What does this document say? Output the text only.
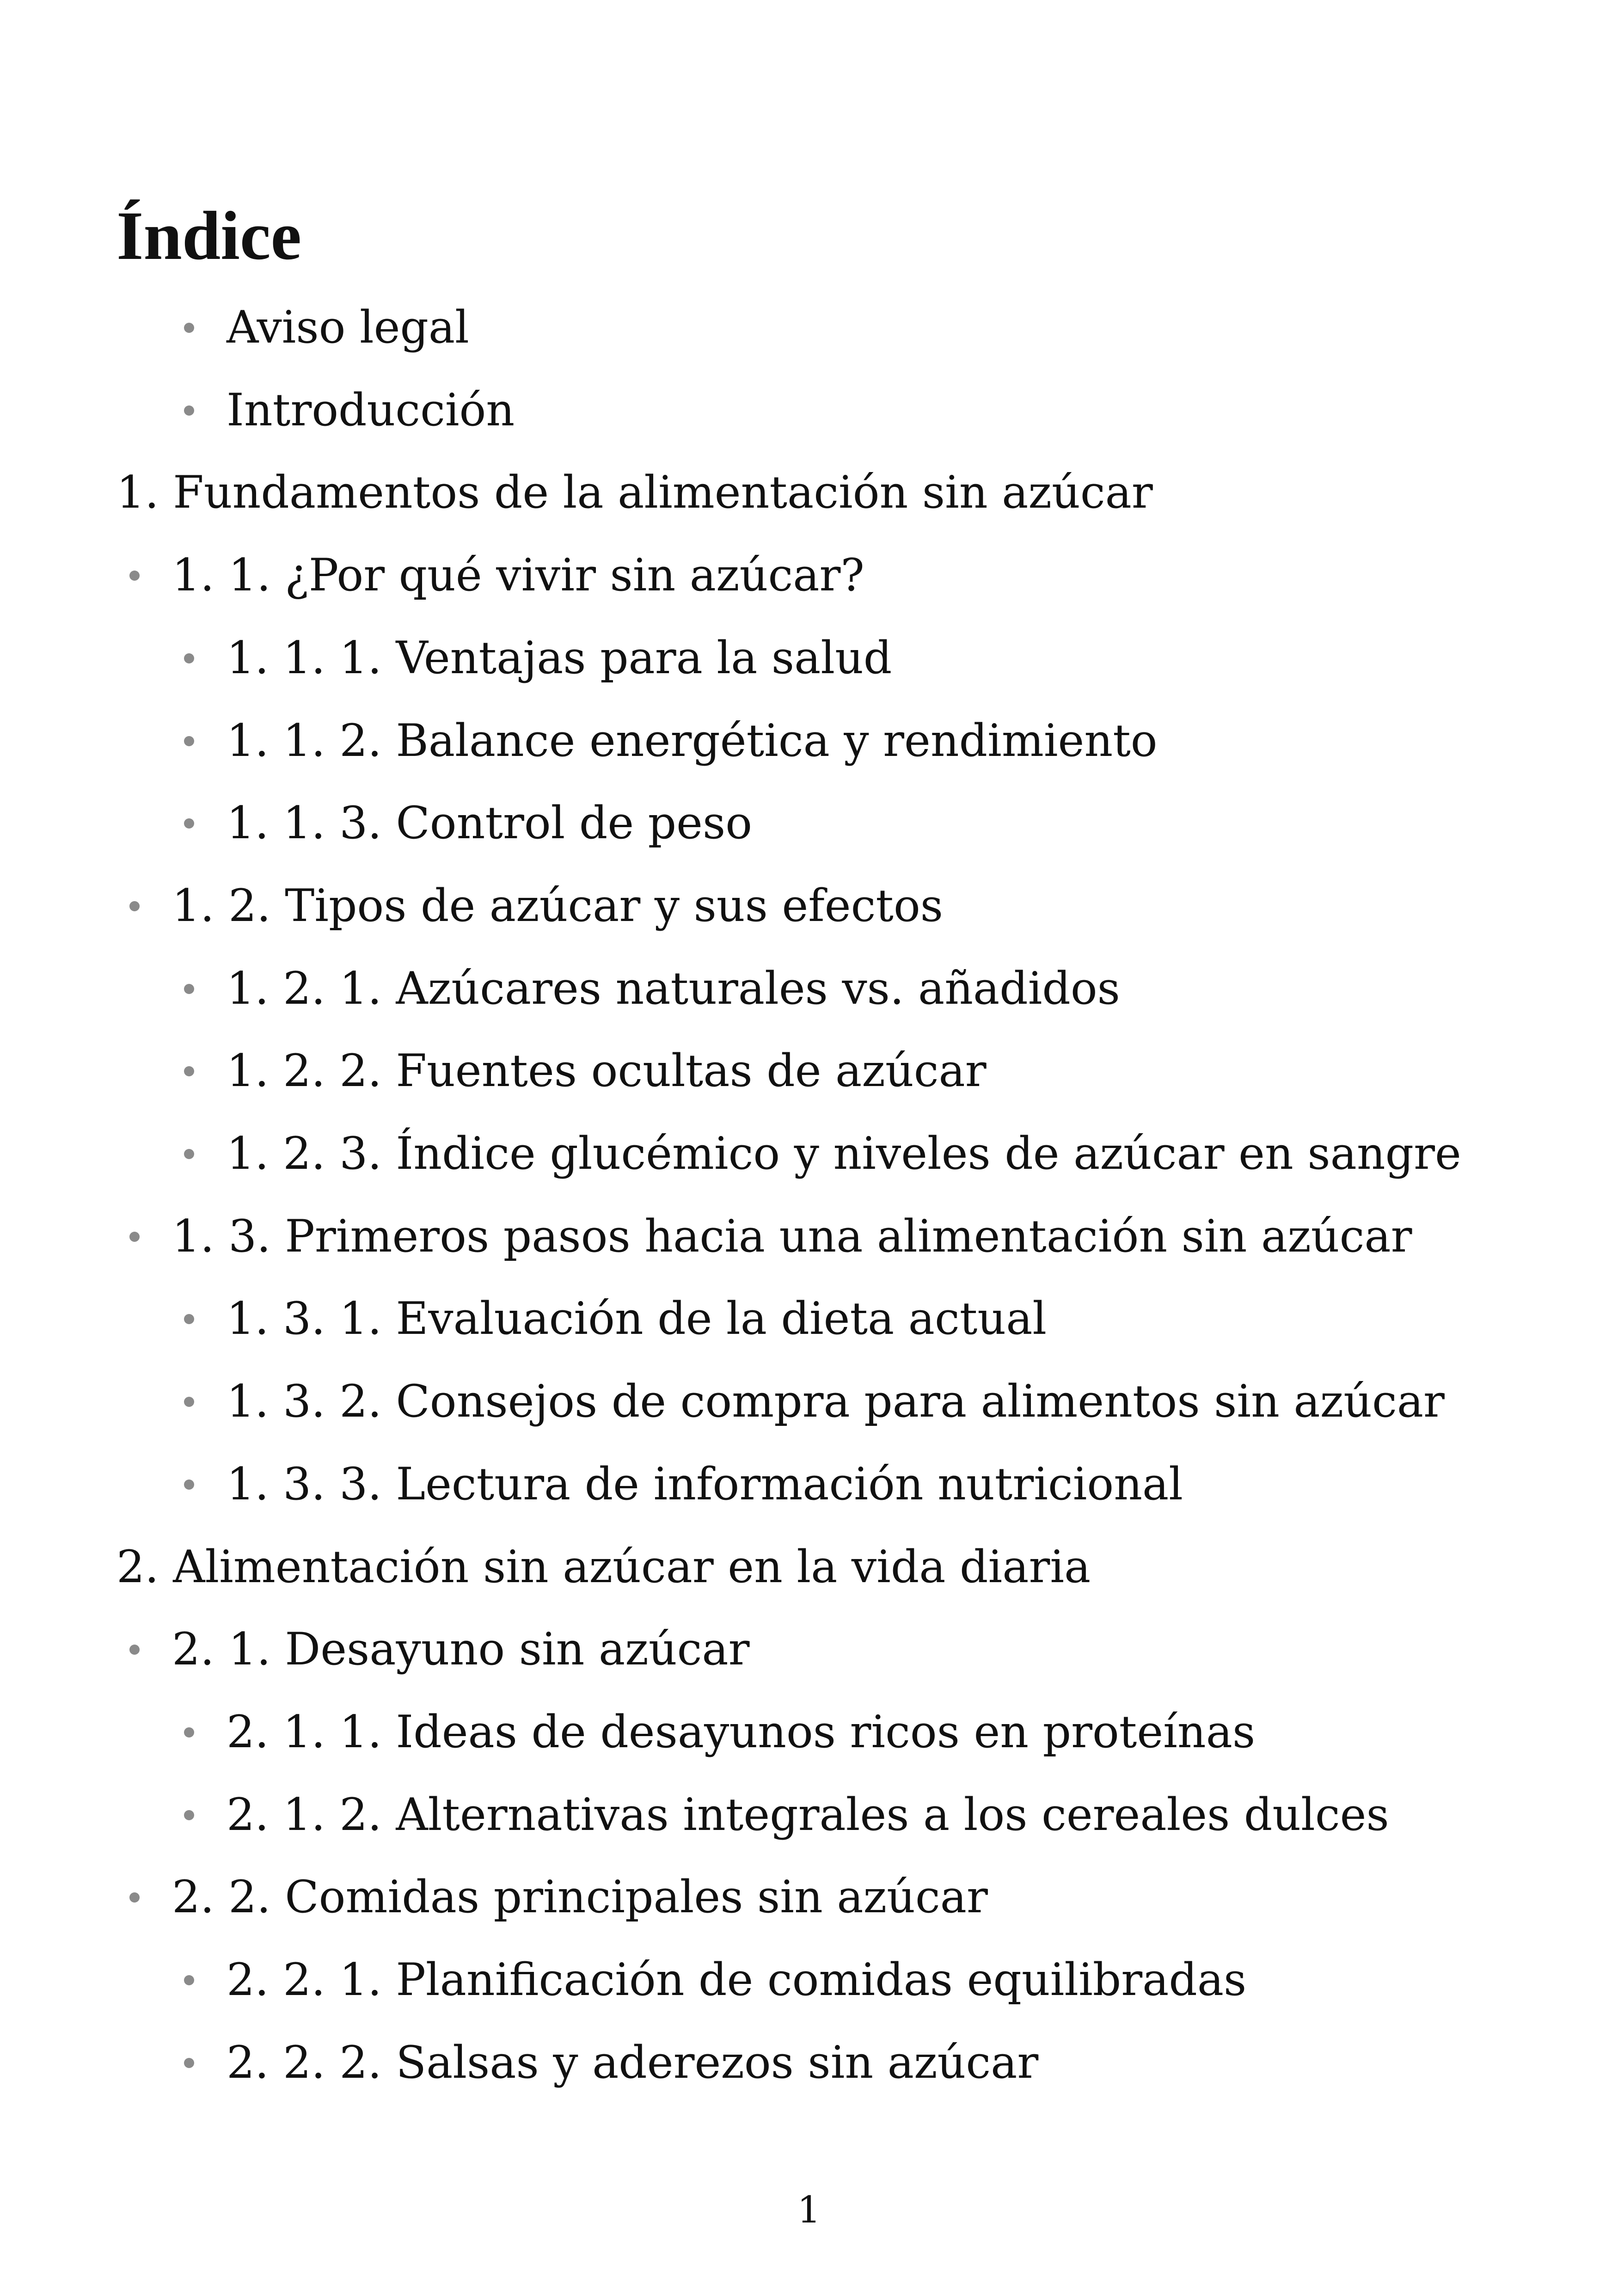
Índice
Aviso legal
Introducción
1. Fundamentos de la alimentación sin azúcar
1. 1. ¿Por qué vivir sin azúcar?
1. 1. 1. Ventajas para la salud
1. 1. 2. Balance energética y rendimiento
1. 1. 3. Control de peso
1. 2. Tipos de azúcar y sus efectos
1. 2. 1. Azúcares naturales vs. añadidos
1. 2. 2. Fuentes ocultas de azúcar
1. 2. 3. Índice glucémico y niveles de azúcar en sangre
1. 3. Primeros pasos hacia una alimentación sin azúcar
1. 3. 1. Evaluación de la dieta actual
1. 3. 2. Consejos de compra para alimentos sin azúcar
1. 3. 3. Lectura de información nutricional
2. Alimentación sin azúcar en la vida diaria
2. 1. Desayuno sin azúcar
2. 1. 1. Ideas de desayunos ricos en proteínas
2. 1. 2. Alternativas integrales a los cereales dulces
2. 2. Comidas principales sin azúcar
2. 2. 1. Planificación de comidas equilibradas
2. 2. 2. Salsas y aderezos sin azúcar
1
